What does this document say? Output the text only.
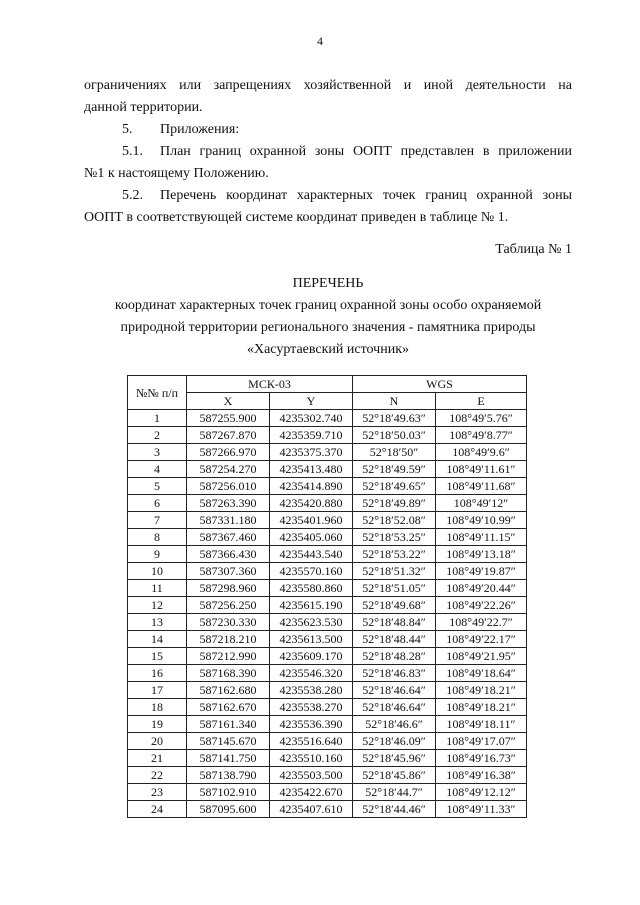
4

ограничениях или запрещениях хозяйственной и иной деятельности на

данной территории.

5. Приложения:

5.1. План границ охранной зоны ООПТ представлен в приложении

№1 к настоящему Положению.

5.2. Перечень координат характерных точек границ охранной зоны

ООПТ в соответствующей системе координат приведен в таблице № 1.

Таблица № 1

ПЕРЕЧЕНЬ

координат характерных точек границ охранной зоны особо охраняемой

природной территории регионального значения - памятника природы

«Хасуртаевский источник»

№№ п/п	МСК-03		WGS	
	X	Y	N	E
1	587255.900	4235302.740	52°18′49.63″	108°49′5.76″
2	587267.870	4235359.710	52°18′50.03″	108°49′8.77″
3	587266.970	4235375.370	52°18′50″	108°49′9.6″
4	587254.270	4235413.480	52°18′49.59″	108°49′11.61″
5	587256.010	4235414.890	52°18′49.65″	108°49′11.68″
6	587263.390	4235420.880	52°18′49.89″	108°49′12″
7	587331.180	4235401.960	52°18′52.08″	108°49′10.99″
8	587367.460	4235405.060	52°18′53.25″	108°49′11.15″
9	587366.430	4235443.540	52°18′53.22″	108°49′13.18″
10	587307.360	4235570.160	52°18′51.32″	108°49′19.87″
11	587298.960	4235580.860	52°18′51.05″	108°49′20.44″
12	587256.250	4235615.190	52°18′49.68″	108°49′22.26″
13	587230.330	4235623.530	52°18′48.84″	108°49′22.7″
14	587218.210	4235613.500	52°18′48.44″	108°49′22.17″
15	587212.990	4235609.170	52°18′48.28″	108°49′21.95″
16	587168.390	4235546.320	52°18′46.83″	108°49′18.64″
17	587162.680	4235538.280	52°18′46.64″	108°49′18.21″
18	587162.670	4235538.270	52°18′46.64″	108°49′18.21″
19	587161.340	4235536.390	52°18′46.6″	108°49′18.11″
20	587145.670	4235516.640	52°18′46.09″	108°49′17.07″
21	587141.750	4235510.160	52°18′45.96″	108°49′16.73″
22	587138.790	4235503.500	52°18′45.86″	108°49′16.38″
23	587102.910	4235422.670	52°18′44.7″	108°49′12.12″
24	587095.600	4235407.610	52°18′44.46″	108°49′11.33″
